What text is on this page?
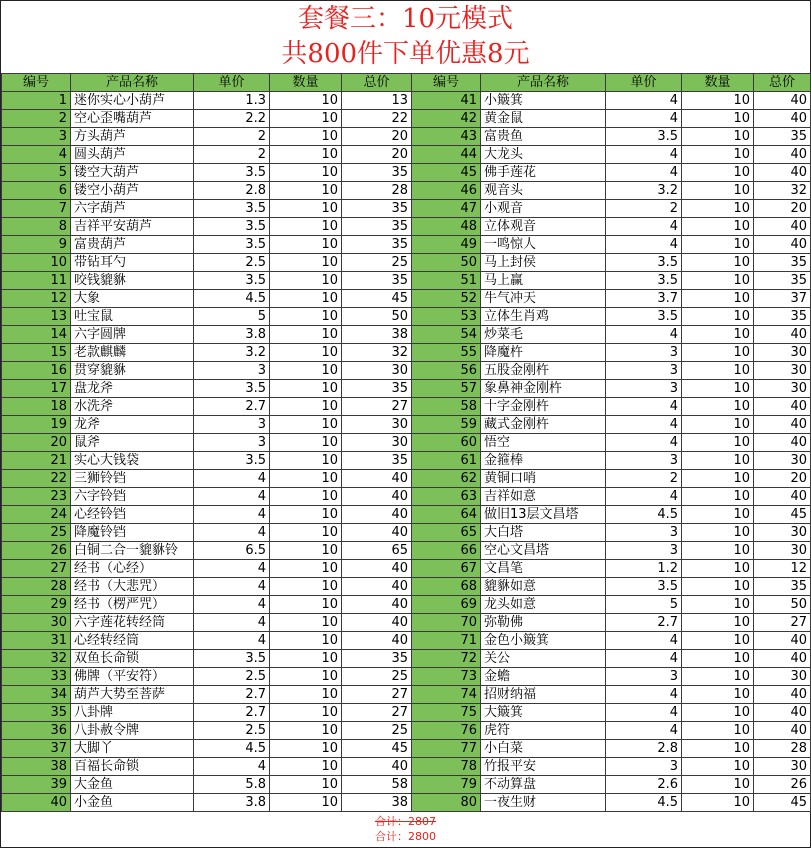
套餐三：10元模式
共800件下单优惠8元
编号	产品名称	单价	数量	总价	编号	产品名称	单价	数量	总价
1	迷你实心小葫芦	1.3	10	13	41	小簸箕	4	10	40
2	空心歪嘴葫芦	2.2	10	22	42	黄金鼠	4	10	40
3	方头葫芦	2	10	20	43	富贵鱼	3.5	10	35
4	圆头葫芦	2	10	20	44	大龙头	4	10	40
5	镂空大葫芦	3.5	10	35	45	佛手莲花	4	10	40
6	镂空小葫芦	2.8	10	28	46	观音头	3.2	10	32
7	六字葫芦	3.5	10	35	47	小观音	2	10	20
8	吉祥平安葫芦	3.5	10	35	48	立体观音	4	10	40
9	富贵葫芦	3.5	10	35	49	一鸣惊人	4	10	40
10	带钻耳勺	2.5	10	25	50	马上封侯	3.5	10	35
11	咬钱貔貅	3.5	10	35	51	马上赢	3.5	10	35
12	大象	4.5	10	45	52	牛气冲天	3.7	10	37
13	吐宝鼠	5	10	50	53	立体生肖鸡	3.5	10	35
14	六字圆牌	3.8	10	38	54	炒菜毛	4	10	40
15	老款麒麟	3.2	10	32	55	降魔杵	3	10	30
16	贯穿貔貅	3	10	30	56	五股金刚杵	3	10	30
17	盘龙斧	3.5	10	35	57	象鼻神金刚杵	3	10	30
18	水洗斧	2.7	10	27	58	十字金刚杵	4	10	40
19	龙斧	3	10	30	59	藏式金刚杵	4	10	40
20	鼠斧	3	10	30	60	悟空	4	10	40
21	实心大钱袋	3.5	10	35	61	金箍棒	3	10	30
22	三狮铃铛	4	10	40	62	黄铜口哨	2	10	20
23	六字铃铛	4	10	40	63	吉祥如意	4	10	40
24	心经铃铛	4	10	40	64	做旧13层文昌塔	4.5	10	45
25	降魔铃铛	4	10	40	65	大白塔	3	10	30
26	白铜二合一貔貅铃	6.5	10	65	66	空心文昌塔	3	10	30
27	经书（心经）	4	10	40	67	文昌笔	1.2	10	12
28	经书（大悲咒）	4	10	40	68	貔貅如意	3.5	10	35
29	经书（楞严咒）	4	10	40	69	龙头如意	5	10	50
30	六字莲花转经筒	4	10	40	70	弥勒佛	2.7	10	27
31	心经转经筒	4	10	40	71	金色小簸箕	4	10	40
32	双鱼长命锁	3.5	10	35	72	关公	4	10	40
33	佛牌（平安符）	2.5	10	25	73	金蟾	3	10	30
34	葫芦大势至菩萨	2.7	10	27	74	招财纳福	4	10	40
35	八卦牌	2.7	10	27	75	大簸箕	4	10	40
36	八卦赦令牌	2.5	10	25	76	虎符	4	10	40
37	大脚丫	4.5	10	45	77	小白菜	2.8	10	28
38	百福长命锁	4	10	40	78	竹报平安	3	10	30
39	大金鱼	5.8	10	58	79	不动算盘	2.6	10	26
40	小金鱼	3.8	10	38	80	一夜生财	4.5	10	45
合计：2807
合计：2800
